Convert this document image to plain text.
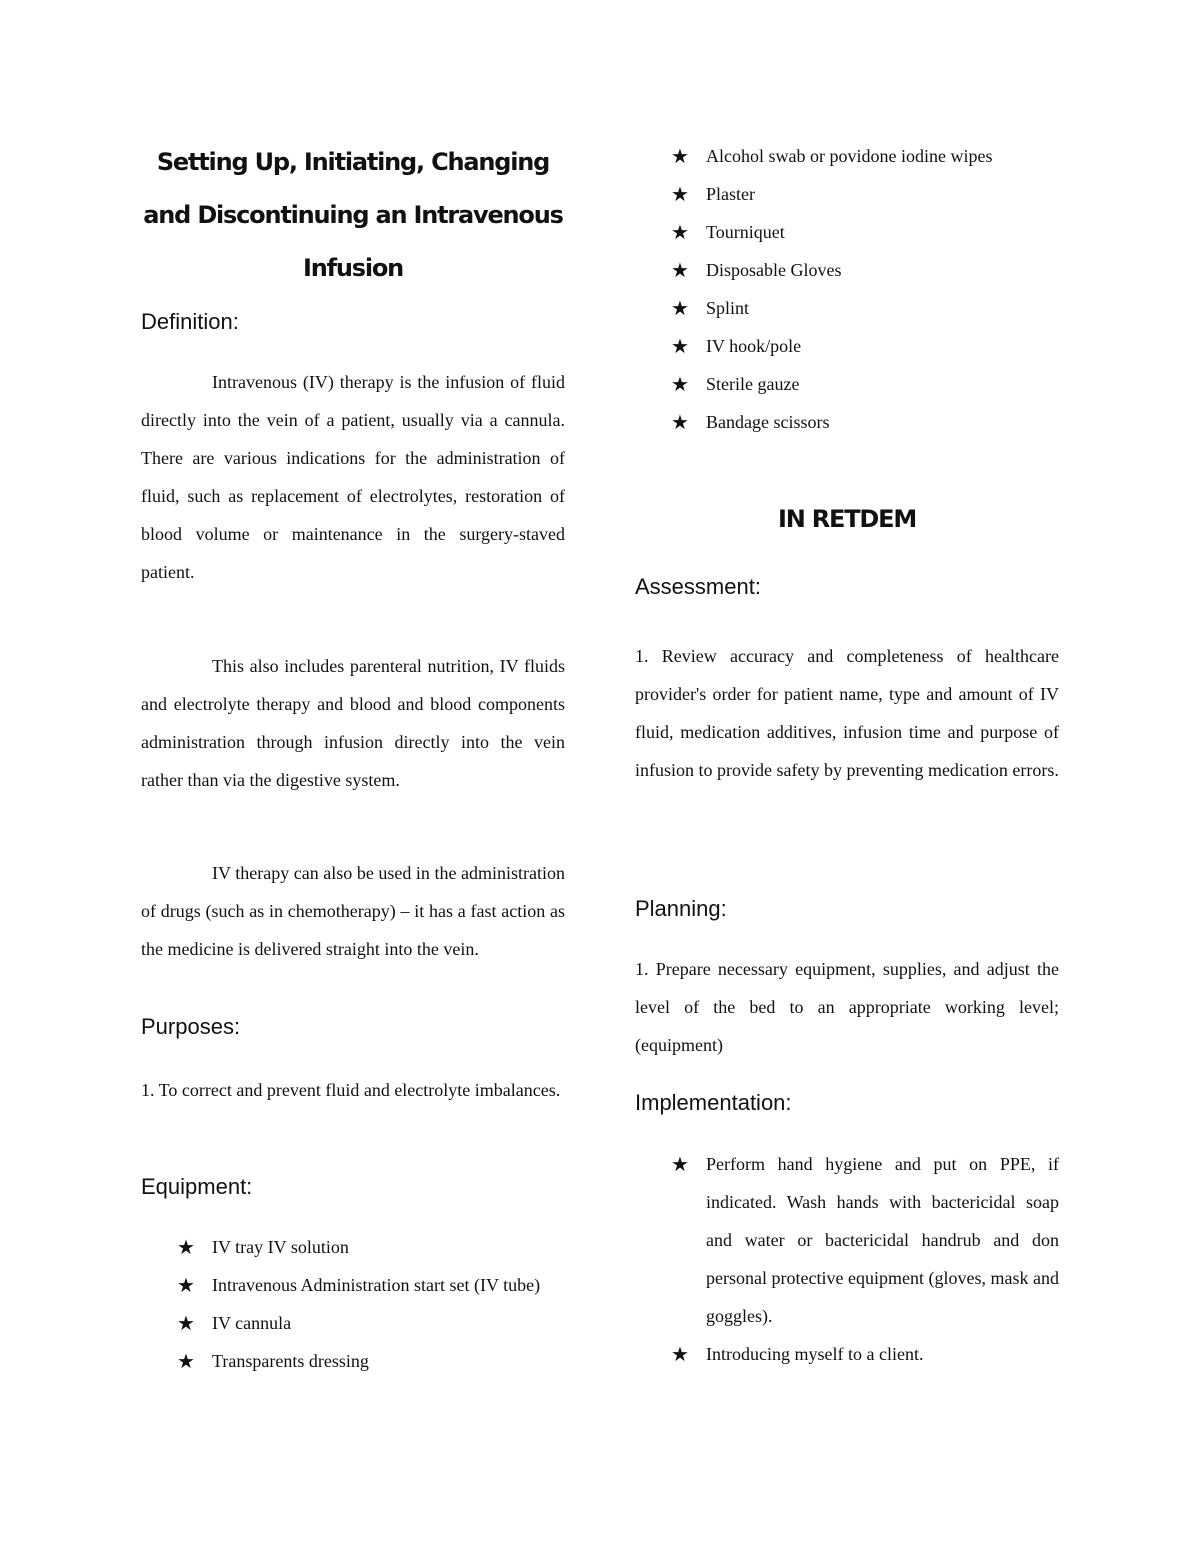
Setting Up, Initiating, Changing
and Discontinuing an Intravenous
Infusion
Definition:

Intravenous (IV) therapy is the infusion of fluid directly into the vein of a patient, usually via a cannula. There are various indications for the administration of fluid, such as replacement of electrolytes, restoration of blood volume or maintenance in the surgery-staved patient.

This also includes parenteral nutrition, IV fluids and electrolyte therapy and blood and blood components administration through infusion directly into the vein rather than via the digestive system.

IV therapy can also be used in the administration of drugs (such as in chemotherapy) – it has a fast action as the medicine is delivered straight into the vein.

Purposes:

1. To correct and prevent fluid and electrolyte imbalances.

Equipment:
★ IV tray IV solution
★ Intravenous Administration start set (IV tube)
★ IV cannula
★ Transparents dressing
★ Alcohol swab or povidone iodine wipes
★ Plaster
★ Tourniquet
★ Disposable Gloves
★ Splint
★ IV hook/pole
★ Sterile gauze
★ Bandage scissors
IN RETDEM
Assessment:

1. Review accuracy and completeness of healthcare provider's order for patient name, type and amount of IV fluid, medication additives, infusion time and purpose of infusion to provide safety by preventing medication errors.

Planning:

1. Prepare necessary equipment, supplies, and adjust the level of the bed to an appropriate working level; (equipment)

Implementation:
★ Perform hand hygiene and put on PPE, if indicated. Wash hands with bactericidal soap and water or bactericidal handrub and don personal protective equipment (gloves, mask and goggles).
★ Introducing myself to a client.
